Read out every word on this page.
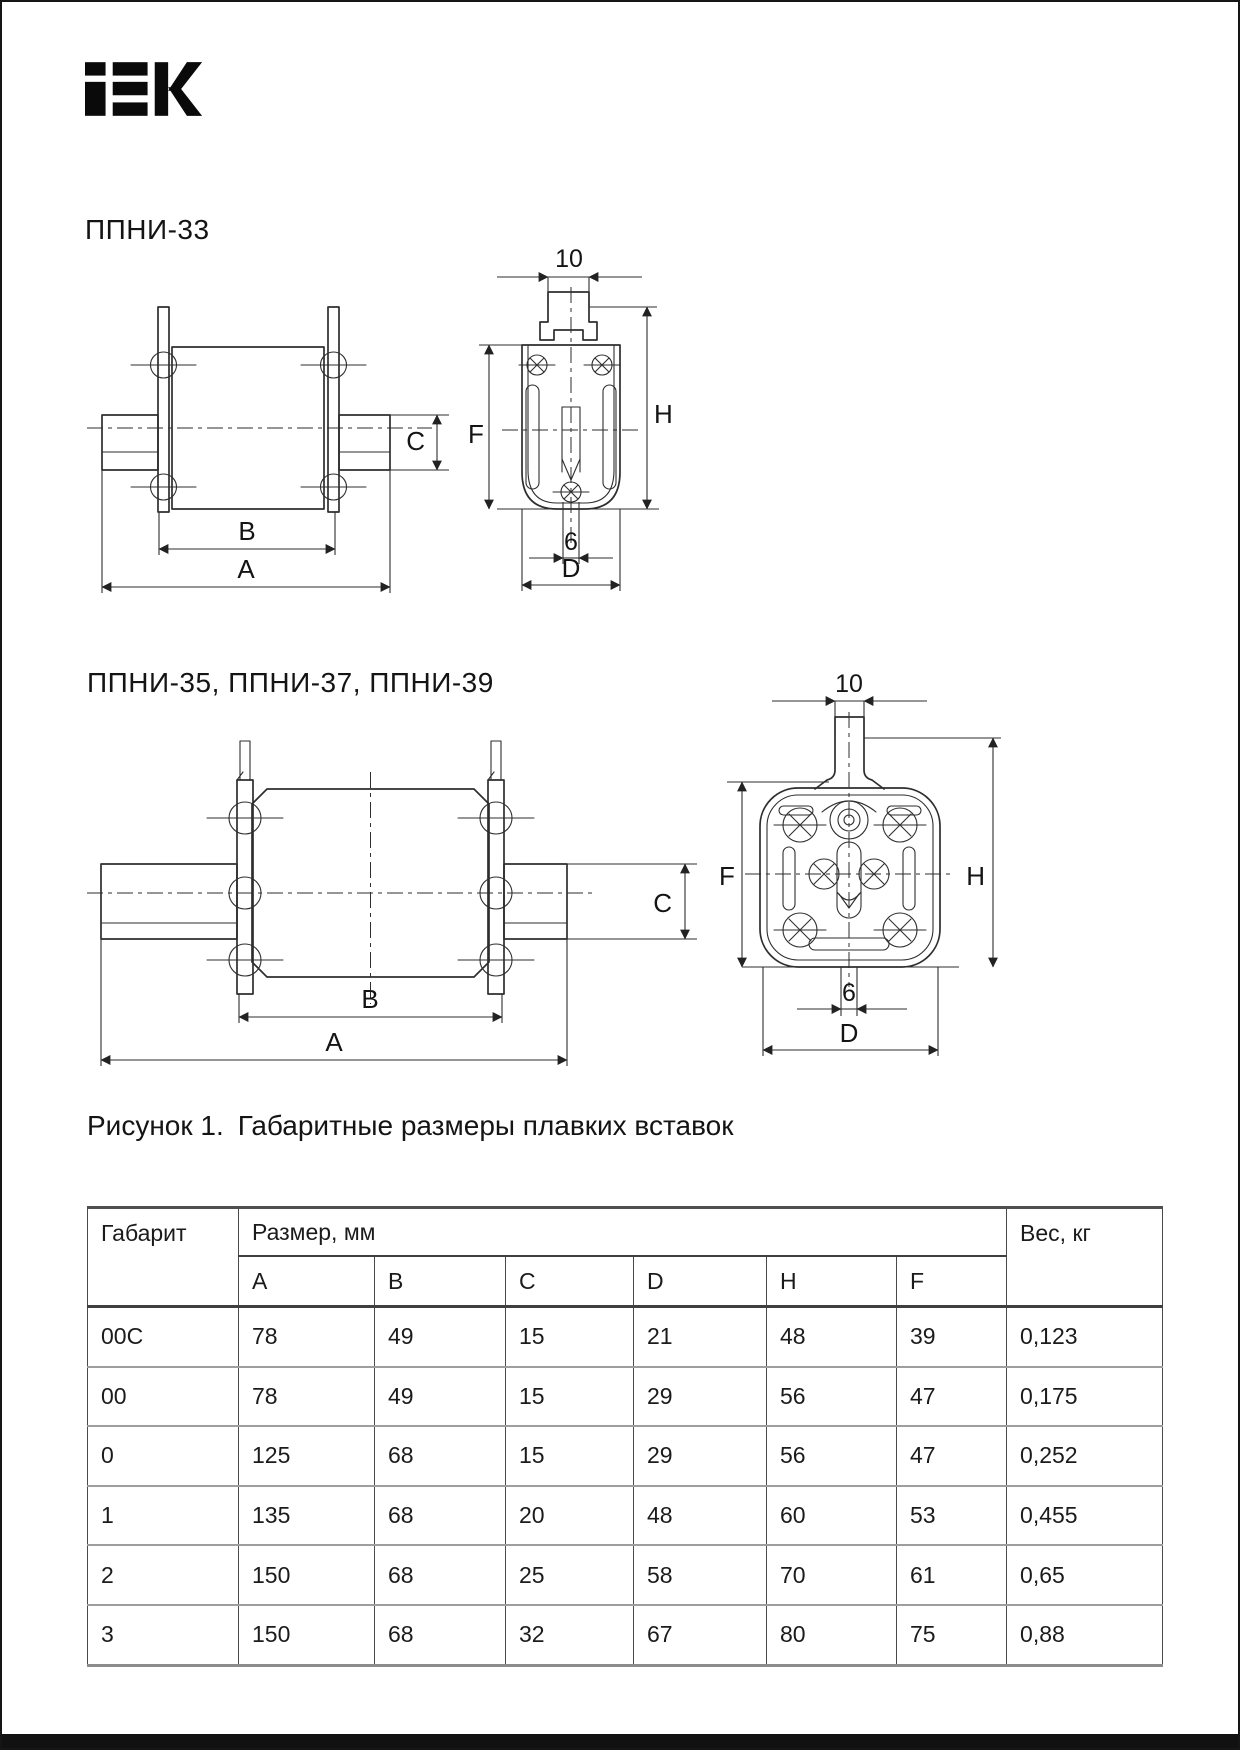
ППНИ-33
B
A
C
10
F
H
6
D
ППНИ-35, ППНИ-37, ППНИ-39
B
A
C
10
F	H
6
D
Рисунок 1. Габаритные размеры плавких вставок
Габарит	Размер, мм						Вес, кг
	A	B	C	D	H	F	
00C	78	49	15	21	48	39	0,123
00	78	49	15	29	56	47	0,175
0	125	68	15	29	56	47	0,252
1	135	68	20	48	60	53	0,455
2	150	68	25	58	70	61	0,65
3	150	68	32	67	80	75	0,88
